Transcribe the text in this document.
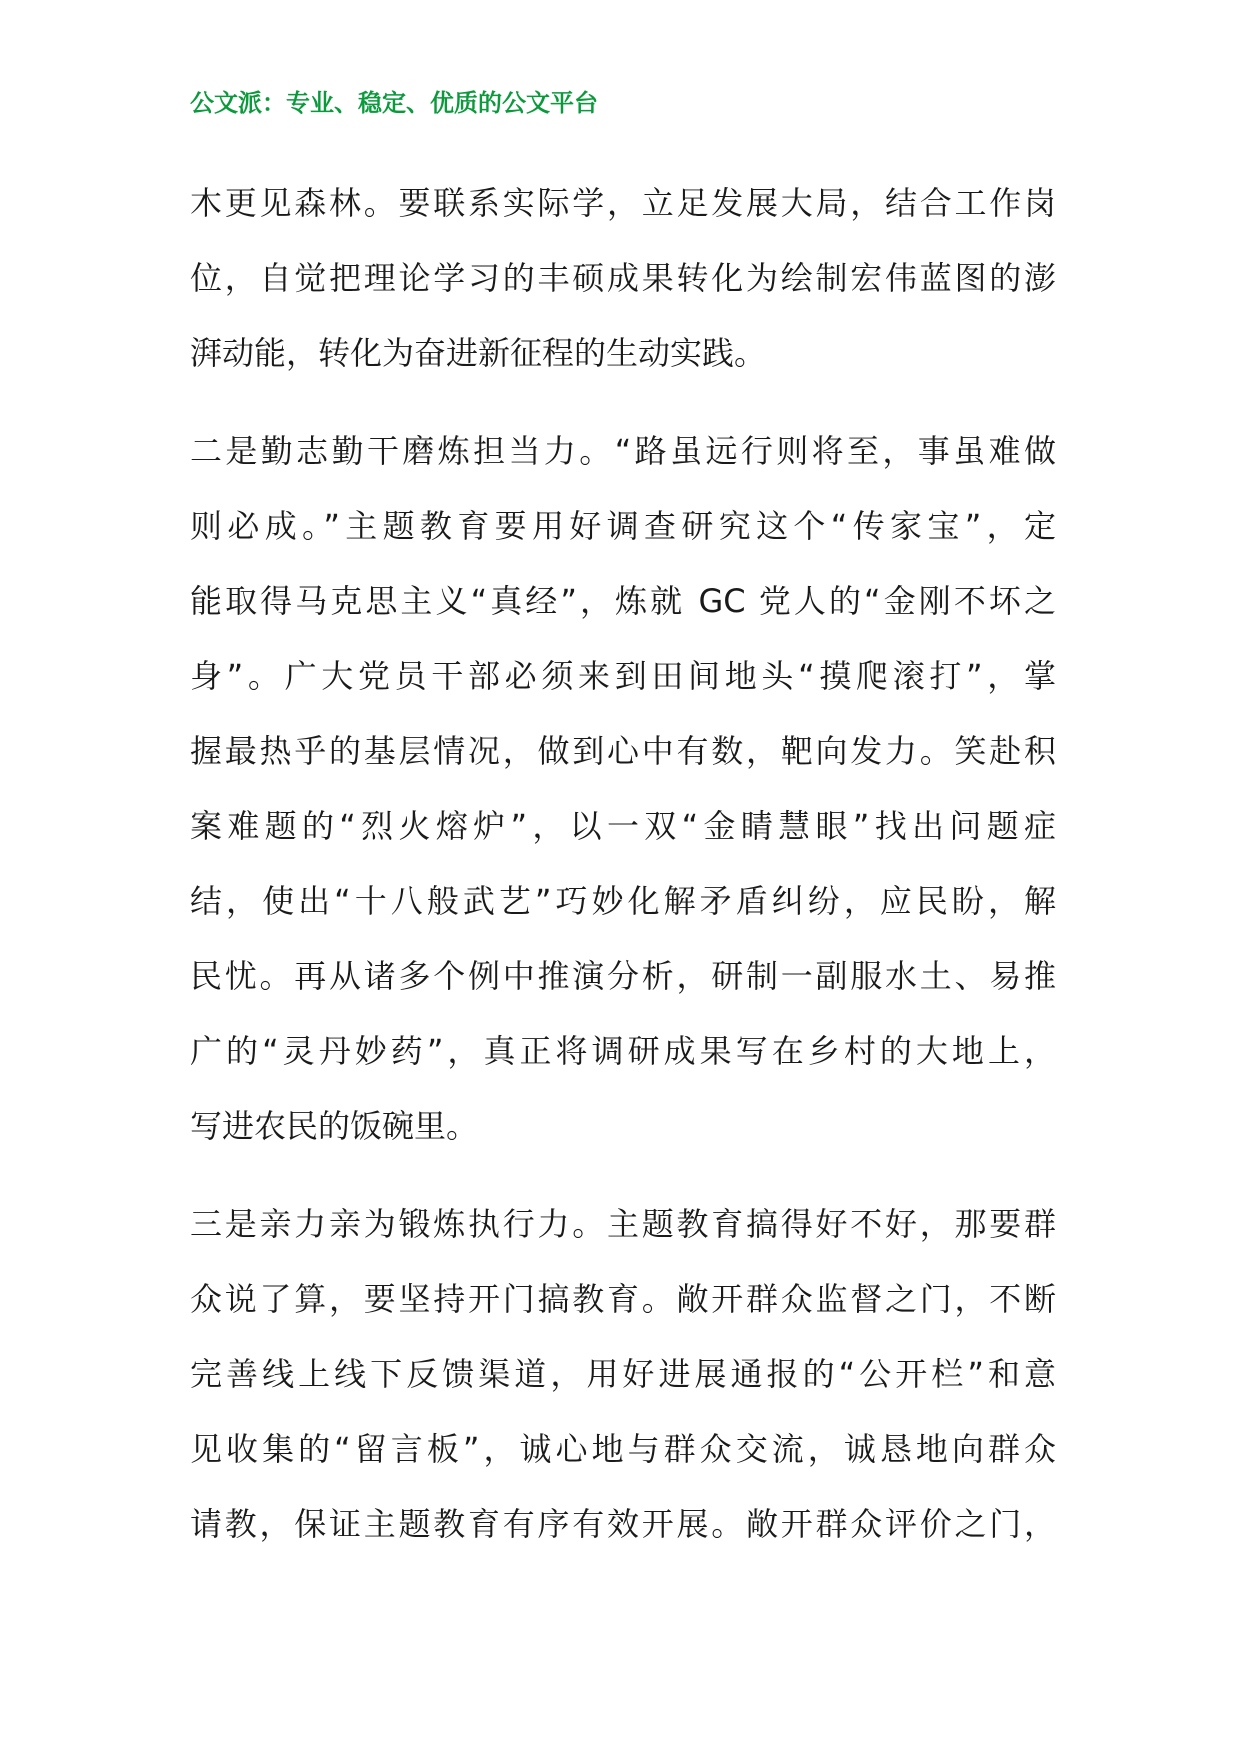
公文派：专业、稳定、优质的公文平台
木更见森林。要联系实际学，立足发展大局，结合工作岗
位，自觉把理论学习的丰硕成果转化为绘制宏伟蓝图的澎
湃动能，转化为奋进新征程的生动实践。
二是勤志勤干磨炼担当力。“路虽远行则将至，事虽难做
则必成。”主题教育要用好调查研究这个“传家宝”，定
能取得马克思主义“真经”，炼就 GC 党人的“金刚不坏之
身”。广大党员干部必须来到田间地头“摸爬滚打”，掌
握最热乎的基层情况，做到心中有数，靶向发力。笑赴积
案难题的“烈火熔炉”，以一双“金睛慧眼”找出问题症
结，使出“十八般武艺”巧妙化解矛盾纠纷，应民盼，解
民忧。再从诸多个例中推演分析，研制一副服水土、易推
广的“灵丹妙药”，真正将调研成果写在乡村的大地上，
写进农民的饭碗里。
三是亲力亲为锻炼执行力。主题教育搞得好不好，那要群
众说了算，要坚持开门搞教育。敞开群众监督之门，不断
完善线上线下反馈渠道，用好进展通报的“公开栏”和意
见收集的“留言板”，诚心地与群众交流，诚恳地向群众
请教，保证主题教育有序有效开展。敞开群众评价之门，
